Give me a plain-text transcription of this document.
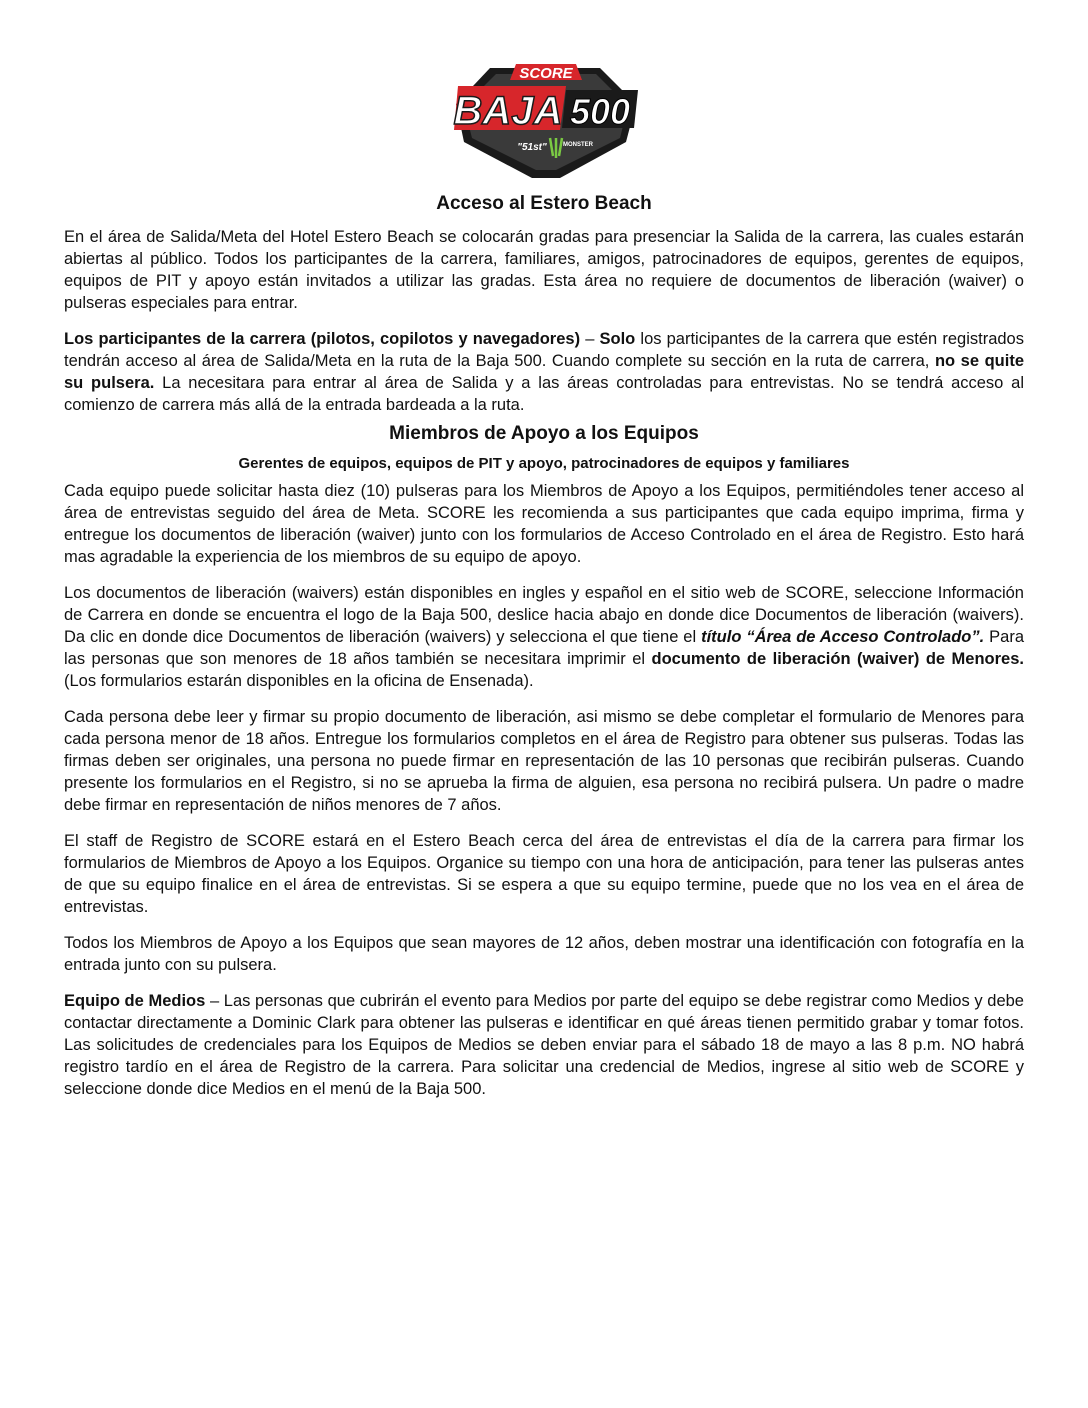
SCORE
BAJA 500
"51st"	MONSTER
Acceso al Estero Beach

En el área de Salida/Meta del Hotel Estero Beach se colocarán gradas para presenciar la Salida de la carrera, las cuales estarán abiertas al público. Todos los participantes de la carrera, familiares, amigos, patrocinadores de equipos, gerentes de equipos, equipos de PIT y apoyo están invitados a utilizar las gradas. Esta área no requiere de documentos de liberación (waiver) o pulseras especiales para entrar.

Los participantes de la carrera (pilotos, copilotos y navegadores) – Solo los participantes de la carrera que estén registrados tendrán acceso al área de Salida/Meta en la ruta de la Baja 500. Cuando complete su sección en la ruta de carrera, no se quite su pulsera. La necesitara para entrar al área de Salida y a las áreas controladas para entrevistas. No se tendrá acceso al comienzo de carrera más allá de la entrada bardeada a la ruta.

Miembros de Apoyo a los Equipos
Gerentes de equipos, equipos de PIT y apoyo, patrocinadores de equipos y familiares

Cada equipo puede solicitar hasta diez (10) pulseras para los Miembros de Apoyo a los Equipos, permitiéndoles tener acceso al área de entrevistas seguido del área de Meta. SCORE les recomienda a sus participantes que cada equipo imprima, firma y entregue los documentos de liberación (waiver) junto con los formularios de Acceso Controlado en el área de Registro. Esto hará mas agradable la experiencia de los miembros de su equipo de apoyo.

Los documentos de liberación (waivers) están disponibles en ingles y español en el sitio web de SCORE, seleccione Información de Carrera en donde se encuentra el logo de la Baja 500, deslice hacia abajo en donde dice Documentos de liberación (waivers). Da clic en donde dice Documentos de liberación (waivers) y selecciona el que tiene el título “Área de Acceso Controlado”. Para las personas que son menores de 18 años también se necesitara imprimir el documento de liberación (waiver) de Menores. (Los formularios estarán disponibles en la oficina de Ensenada).

Cada persona debe leer y firmar su propio documento de liberación, asi mismo se debe completar el formulario de Menores para cada persona menor de 18 años. Entregue los formularios completos en el área de Registro para obtener sus pulseras. Todas las firmas deben ser originales, una persona no puede firmar en representación de las 10 personas que recibirán pulseras. Cuando presente los formularios en el Registro, si no se aprueba la firma de alguien, esa persona no recibirá pulsera. Un padre o madre debe firmar en representación de niños menores de 7 años.

El staff de Registro de SCORE estará en el Estero Beach cerca del área de entrevistas el día de la carrera para firmar los formularios de Miembros de Apoyo a los Equipos. Organice su tiempo con una hora de anticipación, para tener las pulseras antes de que su equipo finalice en el área de entrevistas. Si se espera a que su equipo termine, puede que no los vea en el área de entrevistas.

Todos los Miembros de Apoyo a los Equipos que sean mayores de 12 años, deben mostrar una identificación con fotografía en la entrada junto con su pulsera.

Equipo de Medios – Las personas que cubrirán el evento para Medios por parte del equipo se debe registrar como Medios y debe contactar directamente a Dominic Clark para obtener las pulseras e identificar en qué áreas tienen permitido grabar y tomar fotos. Las solicitudes de credenciales para los Equipos de Medios se deben enviar para el sábado 18 de mayo a las 8 p.m. NO habrá registro tardío en el área de Registro de la carrera. Para solicitar una credencial de Medios, ingrese al sitio web de SCORE y seleccione donde dice Medios en el menú de la Baja 500.
